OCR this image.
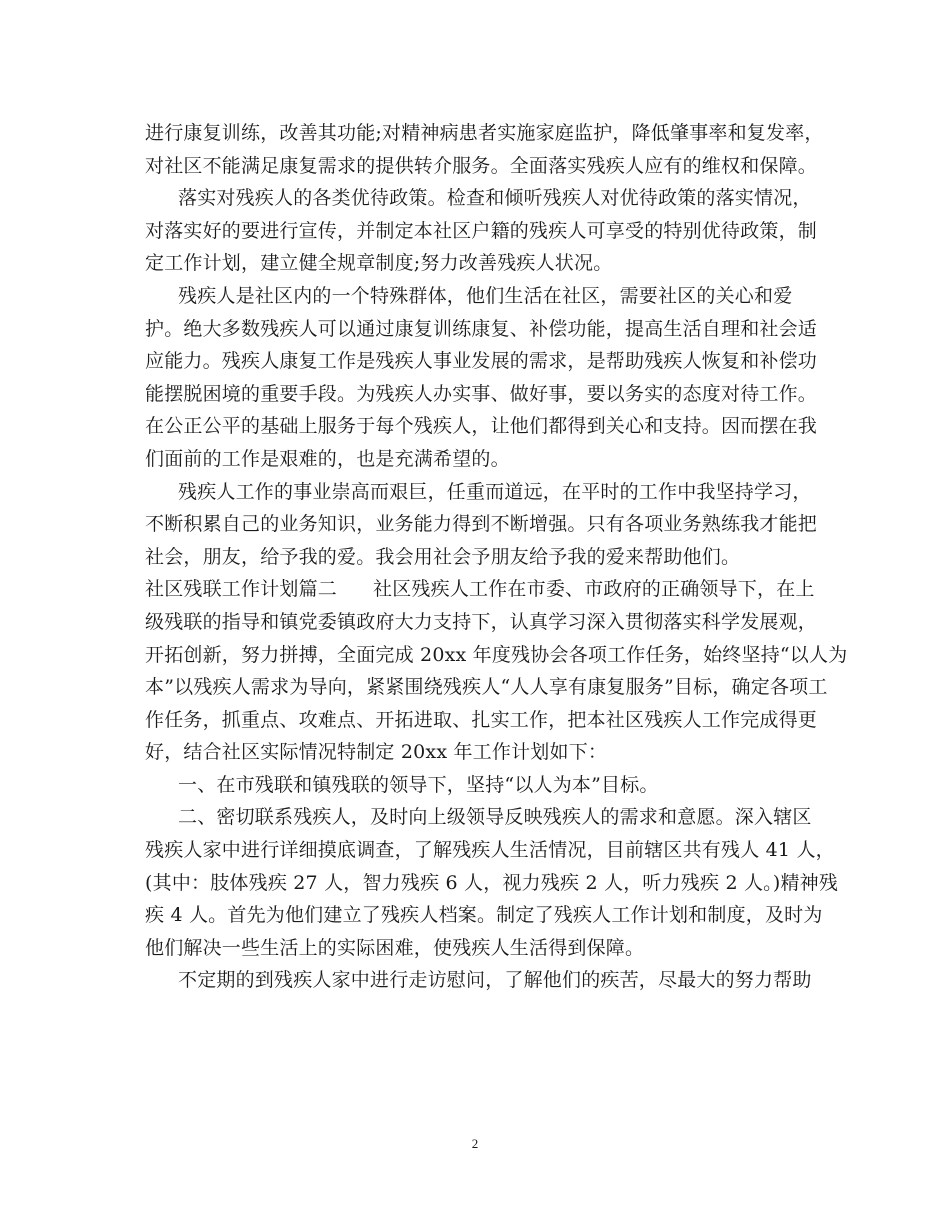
进行康复训练，改善其功能;对精神病患者实施家庭监护，降低肇事率和复发率，
对社区不能满足康复需求的提供转介服务。全面落实残疾人应有的维权和保障。
落实对残疾人的各类优待政策。检查和倾听残疾人对优待政策的落实情况，
对落实好的要进行宣传，并制定本社区户籍的残疾人可享受的特别优待政策，制
定工作计划，建立健全规章制度;努力改善残疾人状况。
残疾人是社区内的一个特殊群体，他们生活在社区，需要社区的关心和爱
护。绝大多数残疾人可以通过康复训练康复、补偿功能，提高生活自理和社会适
应能力。残疾人康复工作是残疾人事业发展的需求，是帮助残疾人恢复和补偿功
能摆脱困境的重要手段。为残疾人办实事、做好事，要以务实的态度对待工作。
在公正公平的基础上服务于每个残疾人，让他们都得到关心和支持。因而摆在我
们面前的工作是艰难的，也是充满希望的。
残疾人工作的事业崇高而艰巨，任重而道远，在平时的工作中我坚持学习，
不断积累自己的业务知识，业务能力得到不断增强。只有各项业务熟练我才能把
社会，朋友，给予我的爱。我会用社会予朋友给予我的爱来帮助他们。
社区残联工作计划篇二 社区残疾人工作在市委、市政府的正确领导下，在上
级残联的指导和镇党委镇政府大力支持下，认真学习深入贯彻落实科学发展观，
开拓创新，努力拼搏，全面完成 20xx 年度残协会各项工作任务，始终坚持“以人为
本”以残疾人需求为导向，紧紧围绕残疾人“人人享有康复服务”目标，确定各项工
作任务，抓重点、攻难点、开拓进取、扎实工作，把本社区残疾人工作完成得更
好，结合社区实际情况特制定 20xx 年工作计划如下：
一、在市残联和镇残联的领导下，坚持“以人为本”目标。
二、密切联系残疾人，及时向上级领导反映残疾人的需求和意愿。深入辖区
残疾人家中进行详细摸底调查，了解残疾人生活情况，目前辖区共有残人 41 人，
(其中：肢体残疾 27 人，智力残疾 6 人，视力残疾 2 人，听力残疾 2 人。)精神残
疾 4 人。首先为他们建立了残疾人档案。制定了残疾人工作计划和制度，及时为
他们解决一些生活上的实际困难，使残疾人生活得到保障。
不定期的到残疾人家中进行走访慰问，了解他们的疾苦，尽最大的努力帮助
2
